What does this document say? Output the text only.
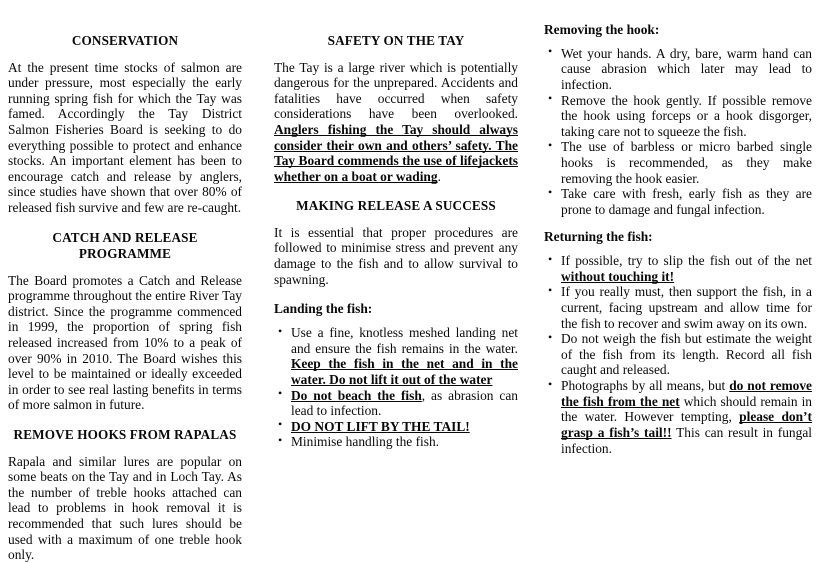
CONSERVATION

At the present time stocks of salmon are under pressure, most especially the early running spring fish for which the Tay was famed. Accordingly the Tay District Salmon Fisheries Board is seeking to do everything possible to protect and enhance stocks. An important element has been to encourage catch and release by anglers, since studies have shown that over 80% of released fish survive and few are re-caught.

CATCH AND RELEASE PROGRAMME

The Board promotes a Catch and Release programme throughout the entire River Tay district. Since the programme commenced in 1999, the proportion of spring fish released increased from 10% to a peak of over 90% in 2010. The Board wishes this level to be maintained or ideally exceeded in order to see real lasting benefits in terms of more salmon in future.

REMOVE HOOKS FROM RAPALAS

Rapala and similar lures are popular on some beats on the Tay and in Loch Tay. As the number of treble hooks attached can lead to problems in hook removal it is recommended that such lures should be used with a maximum of one treble hook only.

SAFETY ON THE TAY

The Tay is a large river which is potentially dangerous for the unprepared. Accidents and fatalities have occurred when safety considerations have been overlooked. Anglers fishing the Tay should always consider their own and others’ safety. The Tay Board commends the use of lifejackets whether on a boat or wading.

MAKING RELEASE A SUCCESS

It is essential that proper procedures are followed to minimise stress and prevent any damage to the fish and to allow survival to spawning.

Landing the fish:
• Use a fine, knotless meshed landing net and ensure the fish remains in the water. Keep the fish in the net and in the water. Do not lift it out of the water
• Do not beach the fish, as abrasion can lead to infection.
• DO NOT LIFT BY THE TAIL!
• Minimise handling the fish.
Removing the hook:
• Wet your hands. A dry, bare, warm hand can cause abrasion which later may lead to infection.
• Remove the hook gently. If possible remove the hook using forceps or a hook disgorger, taking care not to squeeze the fish.
• The use of barbless or micro barbed single hooks is recommended, as they make removing the hook easier.
• Take care with fresh, early fish as they are prone to damage and fungal infection.
Returning the fish:
• If possible, try to slip the fish out of the net without touching it!
• If you really must, then support the fish, in a current, facing upstream and allow time for the fish to recover and swim away on its own.
• Do not weigh the fish but estimate the weight of the fish from its length. Record all fish caught and released.
• Photographs by all means, but do not remove the fish from the net which should remain in the water. However tempting, please don’t grasp a fish’s tail!! This can result in fungal infection.
